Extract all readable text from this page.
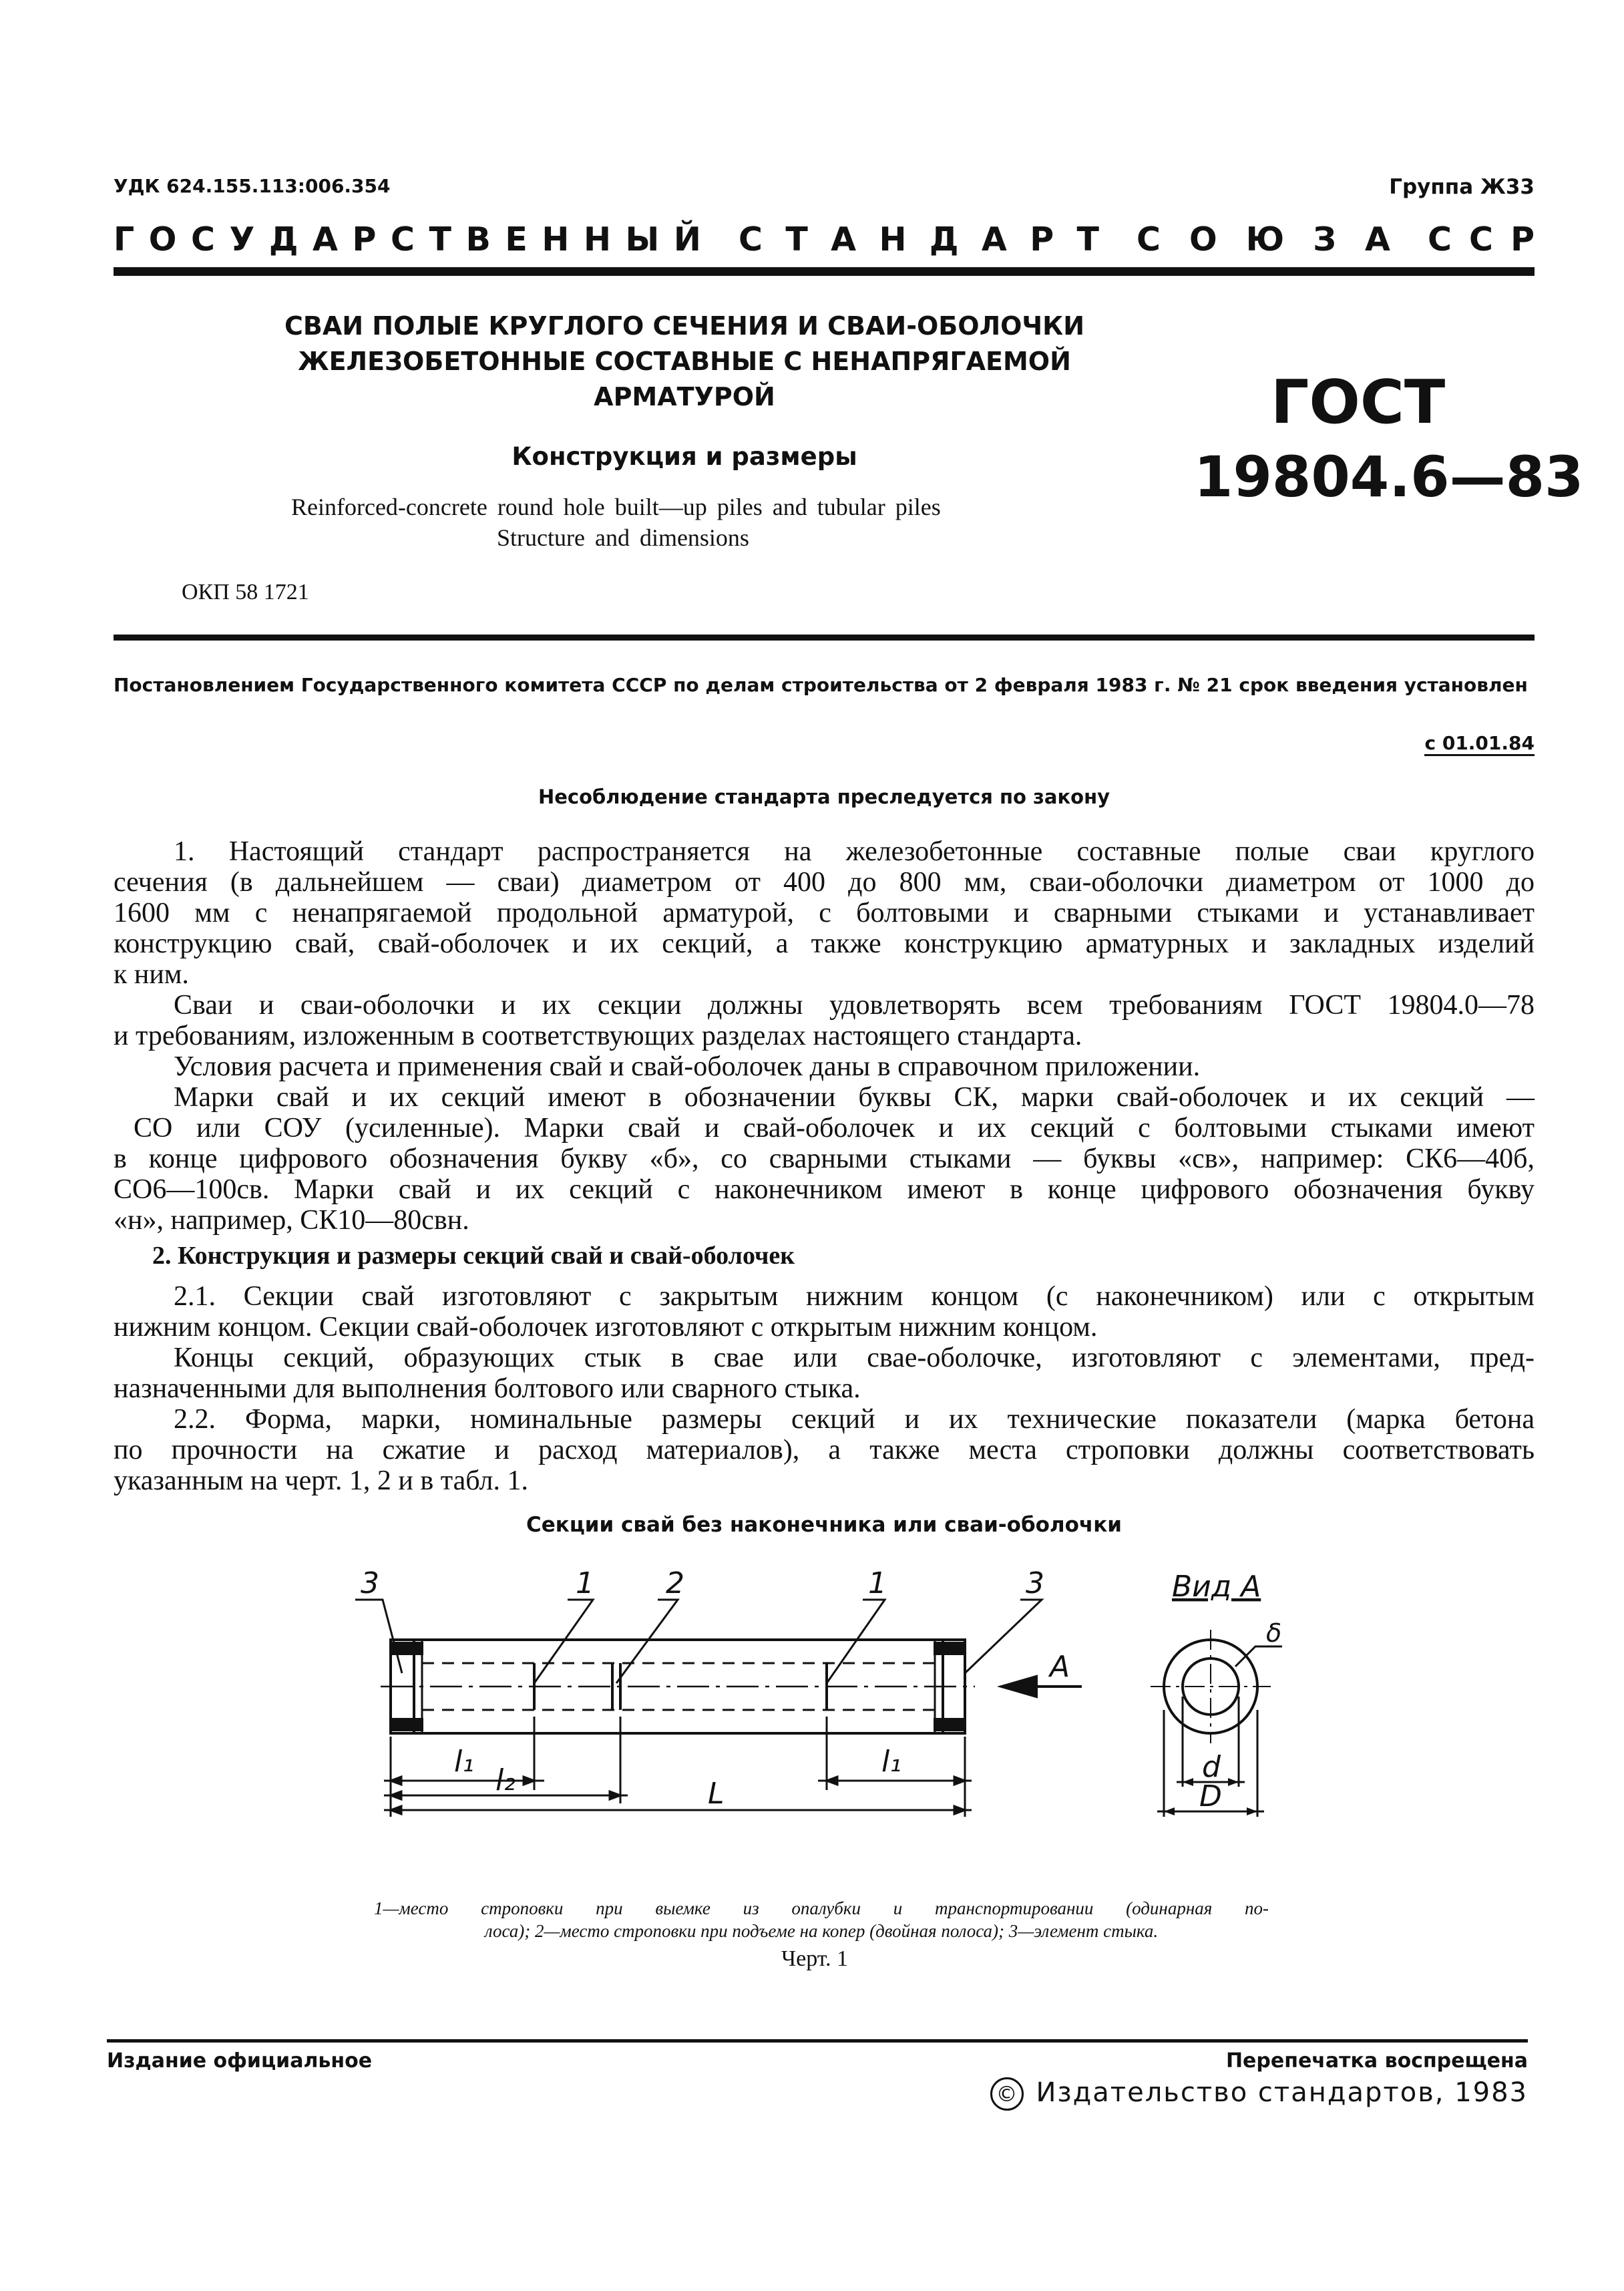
УДК 624.155.113:006.354	Группа Ж33
Г О С У Д А Р С Т В Е Н Н Ы Й С Т А Н Д А Р Т С О Ю З А С С Р
СВАИ ПОЛЫЕ КРУГЛОГО СЕЧЕНИЯ И СВАИ-ОБОЛОЧКИ
ЖЕЛЕЗОБЕТОННЫЕ СОСТАВНЫЕ С НЕНАПРЯГАЕМОЙ
АРМАТУРОЙ
Конструкция и размеры
Reinforced-concrete round hole built—up piles and tubular piles
Structure and dimensions
ГОСТ
19804.6—83
ОКП 58 1721
Постановлением Государственного комитета СССР по делам строительства от 2 февраля 1983 г. № 21 срок введения установлен
с 01.01.84
Несоблюдение стандарта преследуется по закону
1. Настоящий стандарт распространяется на железобетонные составные полые сваи круглого
сечения (в дальнейшем — сваи) диаметром от 400 до 800 мм, сваи-оболочки диаметром от 1000 до
1600 мм с ненапрягаемой продольной арматурой, с болтовыми и сварными стыками и устанавливает
конструкцию свай, свай-оболочек и их секций, а также конструкцию арматурных и закладных изделий
к ним.
Сваи и сваи-оболочки и их секции должны удовлетворять всем требованиям ГОСТ 19804.0—78
и требованиям, изложенным в соответствующих разделах настоящего стандарта.
Условия расчета и применения свай и свай-оболочек даны в справочном приложении.
Марки свай и их секций имеют в обозначении буквы СК, марки свай-оболочек и их секций —
СО или СОУ (усиленные). Марки свай и свай-оболочек и их секций с болтовыми стыками имеют
в конце цифрового обозначения букву «б», со сварными стыками — буквы «св», например: СК6—40б,
СО6—100св. Марки свай и их секций с наконечником имеют в конце цифрового обозначения букву
«н», например, СК10—80свн.
2. Конструкция и размеры секций свай и свай-оболочек
2.1. Секции свай изготовляют с закрытым нижним концом (с наконечником) или с открытым
нижним концом. Секции свай-оболочек изготовляют с открытым нижним концом.
Концы секций, образующих стык в свае или свае-оболочке, изготовляют с элементами, пред-
назначенными для выполнения болтового или сварного стыка.
2.2. Форма, марки, номинальные размеры секций и их технические показатели (марка бетона
по прочности на сжатие и расход материалов), а также места строповки должны соответствовать
указанным на черт. 1, 2 и в табл. 1.
Секции свай без наконечника или сваи-оболочки
3	1 2	1	3
А
Вид А
l₁	l₁
l₂	L
δ
d
D
1—место строповки при выемке из опалубки и транспортировании (одинарная по-
лоса); 2—место строповки при подъеме на копер (двойная полоса); 3—элемент стыка.
Черт. 1
Издание официальное	Перепечатка воспрещена
© Издательство стандартов, 1983
